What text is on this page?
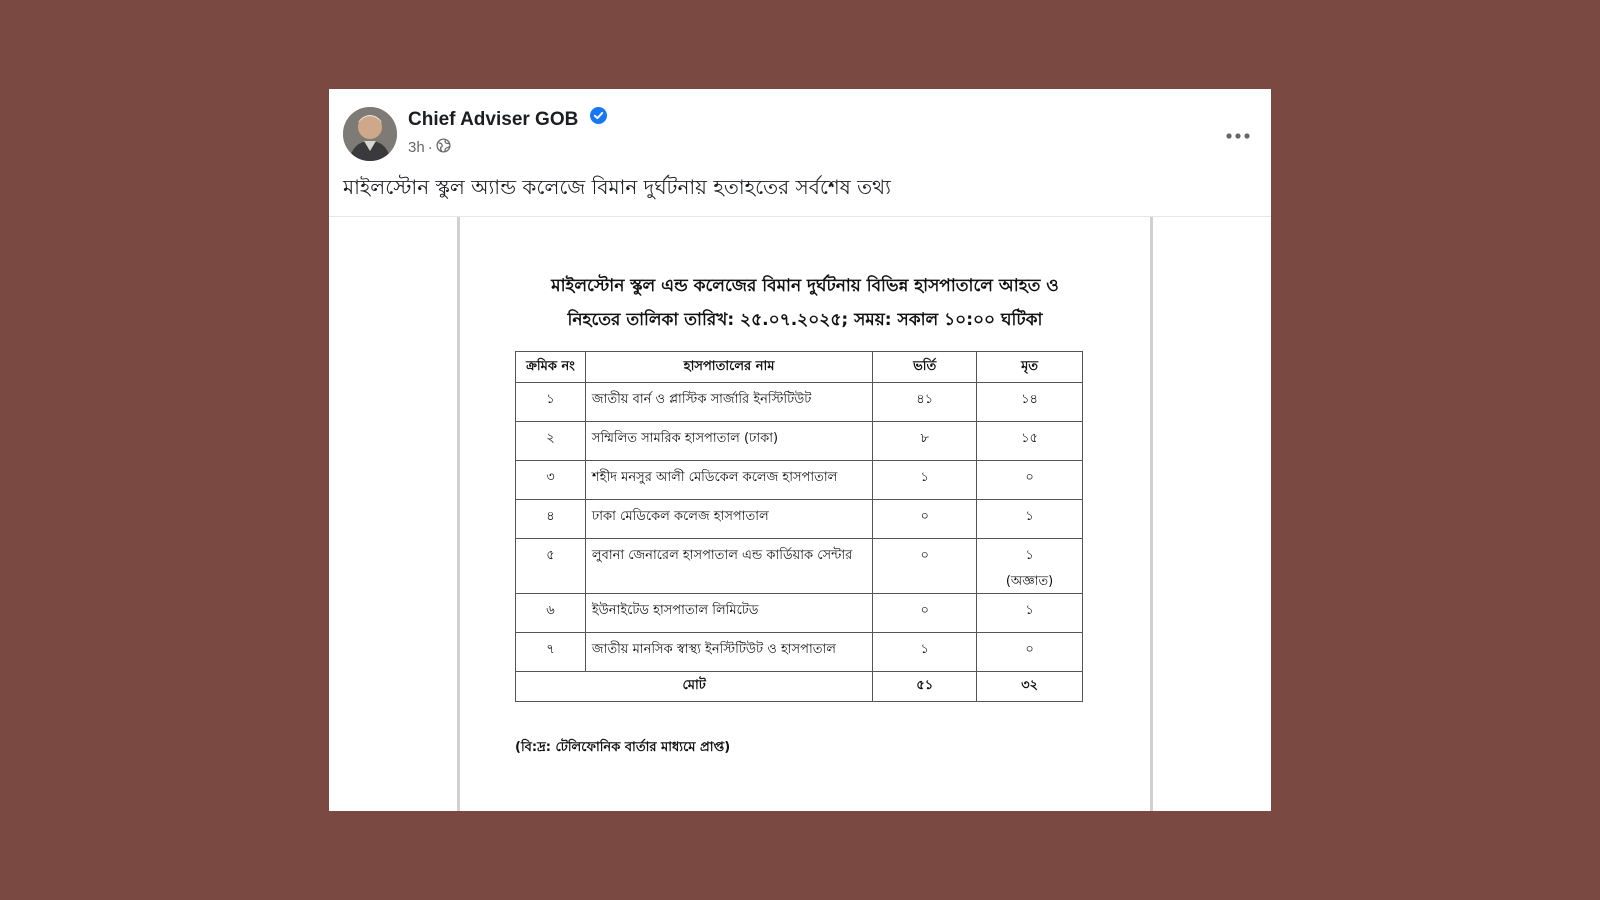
Chief Adviser GOB
3h ·
মাইলস্টোন স্কুল অ্যান্ড কলেজে বিমান দুর্ঘটনায় হতাহতের সর্বশেষ তথ্য
মাইলস্টোন স্কুল এন্ড কলেজের বিমান দুর্ঘটনায় বিভিন্ন হাসপাতালে আহত ও
নিহতের তালিকা তারিখ: ২৫.০৭.২০২৫; সময়: সকাল ১০:০০ ঘটিকা
ক্রমিক নং	হাসপাতালের নাম	ভর্তি	মৃত
১	জাতীয় বার্ন ও প্লাস্টিক সার্জারি ইনস্টিটিউট	৪১	১৪
২	সম্মিলিত সামরিক হাসপাতাল (ঢাকা)	৮	১৫
৩	শহীদ মনসুর আলী মেডিকেল কলেজ হাসপাতাল	১	০
৪	ঢাকা মেডিকেল কলেজ হাসপাতাল	০	১
৫	লুবানা জেনারেল হাসপাতাল এন্ড কার্ডিয়াক সেন্টার	০	১
(অজ্ঞাত)

৬	ইউনাইটেড হাসপাতাল লিমিটেড	০	১
৭	জাতীয় মানসিক স্বাস্থ্য ইনস্টিটিউট ও হাসপাতাল	১	০
মোট		৫১	৩২
(বি:দ্র: টেলিফোনিক বার্তার মাধ্যমে প্রাপ্ত)
